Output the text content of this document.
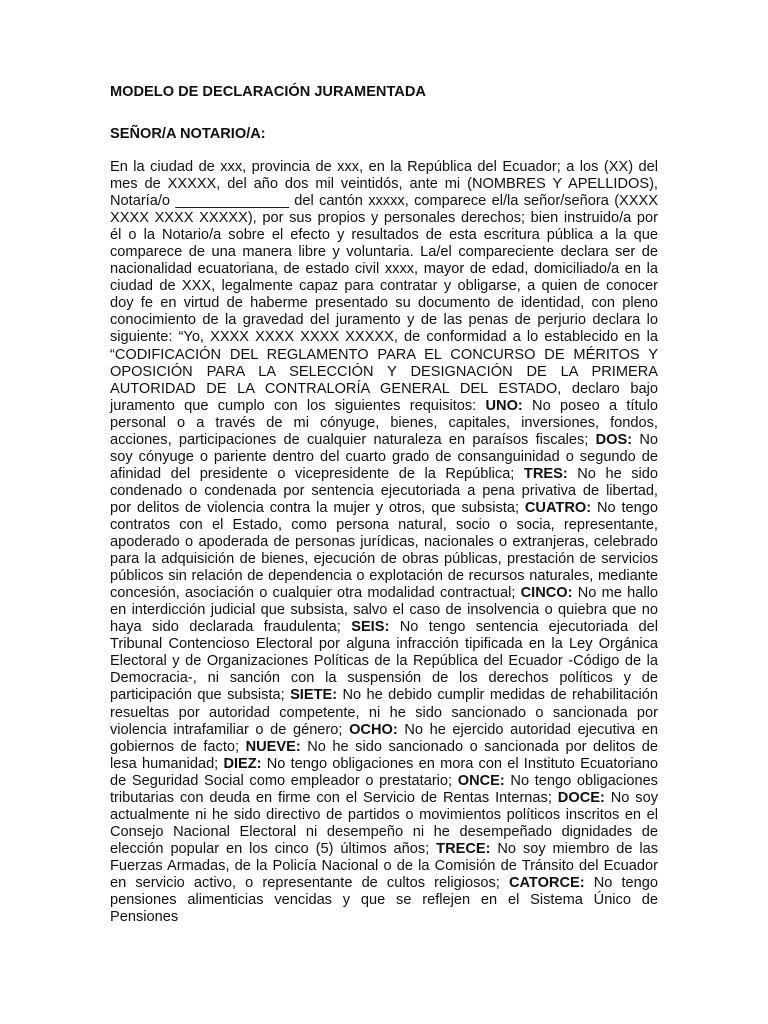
MODELO DE DECLARACIÓN JURAMENTADA

SEÑOR/A NOTARIO/A:

En la ciudad de xxx, provincia de xxx, en la República del Ecuador; a los (XX) del mes de XXXXX, del año dos mil veintidós, ante mi (NOMBRES Y APELLIDOS), Notaría/o ______________ del cantón xxxxx, comparece el/la señor/señora (XXXX XXXX XXXX XXXXX), por sus propios y personales derechos; bien instruido/a por él o la Notario/a sobre el efecto y resultados de esta escritura pública a la que comparece de una manera libre y voluntaria. La/el compareciente declara ser de nacionalidad ecuatoriana, de estado civil xxxx, mayor de edad, domiciliado/a en la ciudad de XXX, legalmente capaz para contratar y obligarse, a quien de conocer doy fe en virtud de haberme presentado su documento de identidad, con pleno conocimiento de la gravedad del juramento y de las penas de perjurio declara lo siguiente: “Yo, XXXX XXXX XXXX XXXXX, de conformidad a lo establecido en la “CODIFICACIÓN DEL REGLAMENTO PARA EL CONCURSO DE MÉRITOS Y OPOSICIÓN PARA LA SELECCIÓN Y DESIGNACIÓN DE LA PRIMERA AUTORIDAD DE LA CONTRALORÍA GENERAL DEL ESTADO, declaro bajo juramento que cumplo con los siguientes requisitos: UNO: No poseo a título personal o a través de mi cónyuge, bienes, capitales, inversiones, fondos, acciones, participaciones de cualquier naturaleza en paraísos fiscales; DOS: No soy cónyuge o pariente dentro del cuarto grado de consanguinidad o segundo de afinidad del presidente o vicepresidente de la República; TRES: No he sido condenado o condenada por sentencia ejecutoriada a pena privativa de libertad, por delitos de violencia contra la mujer y otros, que subsista; CUATRO: No tengo contratos con el Estado, como persona natural, socio o socia, representante, apoderado o apoderada de personas jurídicas, nacionales o extranjeras, celebrado para la adquisición de bienes, ejecución de obras públicas, prestación de servicios públicos sin relación de dependencia o explotación de recursos naturales, mediante concesión, asociación o cualquier otra modalidad contractual; CINCO: No me hallo en interdicción judicial que subsista, salvo el caso de insolvencia o quiebra que no haya sido declarada fraudulenta; SEIS: No tengo sentencia ejecutoriada del Tribunal Contencioso Electoral por alguna infracción tipificada en la Ley Orgánica Electoral y de Organizaciones Políticas de la República del Ecuador -Código de la Democracia-, ni sanción con la suspensión de los derechos políticos y de participación que subsista; SIETE: No he debido cumplir medidas de rehabilitación resueltas por autoridad competente, ni he sido sancionado o sancionada por violencia intrafamiliar o de género; OCHO: No he ejercido autoridad ejecutiva en gobiernos de facto; NUEVE: No he sido sancionado o sancionada por delitos de lesa humanidad; DIEZ: No tengo obligaciones en mora con el Instituto Ecuatoriano de Seguridad Social como empleador o prestatario; ONCE: No tengo obligaciones tributarias con deuda en firme con el Servicio de Rentas Internas; DOCE: No soy actualmente ni he sido directivo de partidos o movimientos políticos inscritos en el Consejo Nacional Electoral ni desempeño ni he desempeñado dignidades de elección popular en los cinco (5) últimos años; TRECE: No soy miembro de las Fuerzas Armadas, de la Policía Nacional o de la Comisión de Tránsito del Ecuador en servicio activo, o representante de cultos religiosos; CATORCE: No tengo pensiones alimenticias vencidas y que se reflejen en el Sistema Único de Pensiones
